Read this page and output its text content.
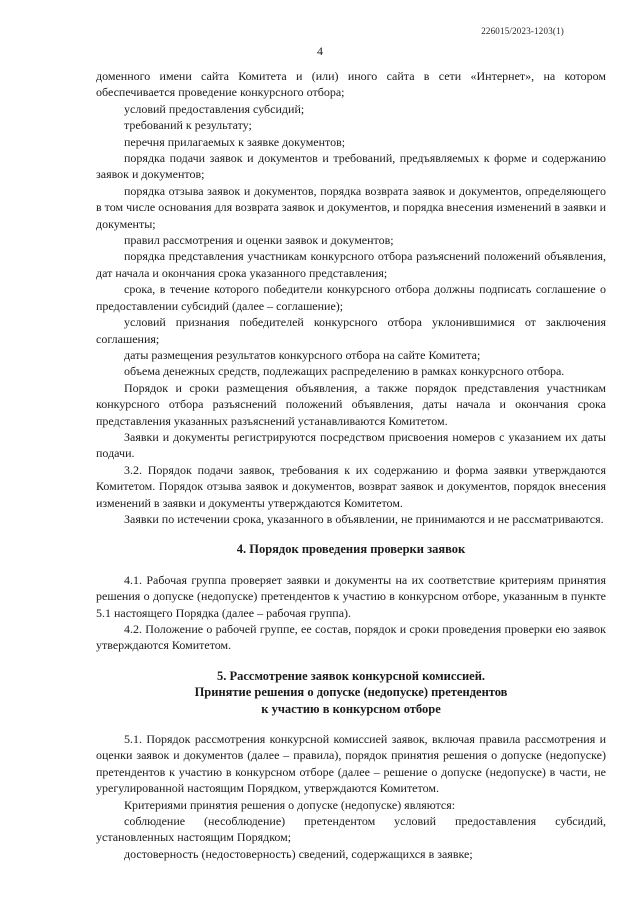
226015/2023-1203(1)
4

доменного имени сайта Комитета и (или) иного сайта в сети «Интернет», на котором обеспечивается проведение конкурсного отбора;

условий предоставления субсидий;

требований к результату;

перечня прилагаемых к заявке документов;

порядка подачи заявок и документов и требований, предъявляемых к форме и содержанию заявок и документов;

порядка отзыва заявок и документов, порядка возврата заявок и документов, определяющего в том числе основания для возврата заявок и документов, и порядка внесения изменений в заявки и документы;

правил рассмотрения и оценки заявок и документов;

порядка представления участникам конкурсного отбора разъяснений положений объявления, дат начала и окончания срока указанного представления;

срока, в течение которого победители конкурсного отбора должны подписать соглашение о предоставлении субсидий (далее – соглашение);

условий признания победителей конкурсного отбора уклонившимися от заключения соглашения;

даты размещения результатов конкурсного отбора на сайте Комитета;

объема денежных средств, подлежащих распределению в рамках конкурсного отбора.

Порядок и сроки размещения объявления, а также порядок представления участникам конкурсного отбора разъяснений положений объявления, даты начала и окончания срока представления указанных разъяснений устанавливаются Комитетом.

Заявки и документы регистрируются посредством присвоения номеров с указанием их даты подачи.

3.2. Порядок подачи заявок, требования к их содержанию и форма заявки утверждаются Комитетом. Порядок отзыва заявок и документов, возврат заявок и документов, порядок внесения изменений в заявки и документы утверждаются Комитетом.

Заявки по истечении срока, указанного в объявлении, не принимаются и не рассматриваются.

4. Порядок проведения проверки заявок

4.1. Рабочая группа проверяет заявки и документы на их соответствие критериям принятия решения о допуске (недопуске) претендентов к участию в конкурсном отборе, указанным в пункте 5.1 настоящего Порядка (далее – рабочая группа).

4.2. Положение о рабочей группе, ее состав, порядок и сроки проведения проверки ею заявок утверждаются Комитетом.

5. Рассмотрение заявок конкурсной комиссией.
Принятие решения о допуске (недопуске) претендентов
к участию в конкурсном отборе

5.1. Порядок рассмотрения конкурсной комиссией заявок, включая правила рассмотрения и оценки заявок и документов (далее – правила), порядок принятия решения о допуске (недопуске) претендентов к участию в конкурсном отборе (далее – решение о допуске (недопуске) в части, не урегулированной настоящим Порядком, утверждаются Комитетом.

Критериями принятия решения о допуске (недопуске) являются:

соблюдение (несоблюдение) претендентом условий предоставления субсидий, установленных настоящим Порядком;

достоверность (недостоверность) сведений, содержащихся в заявке;
